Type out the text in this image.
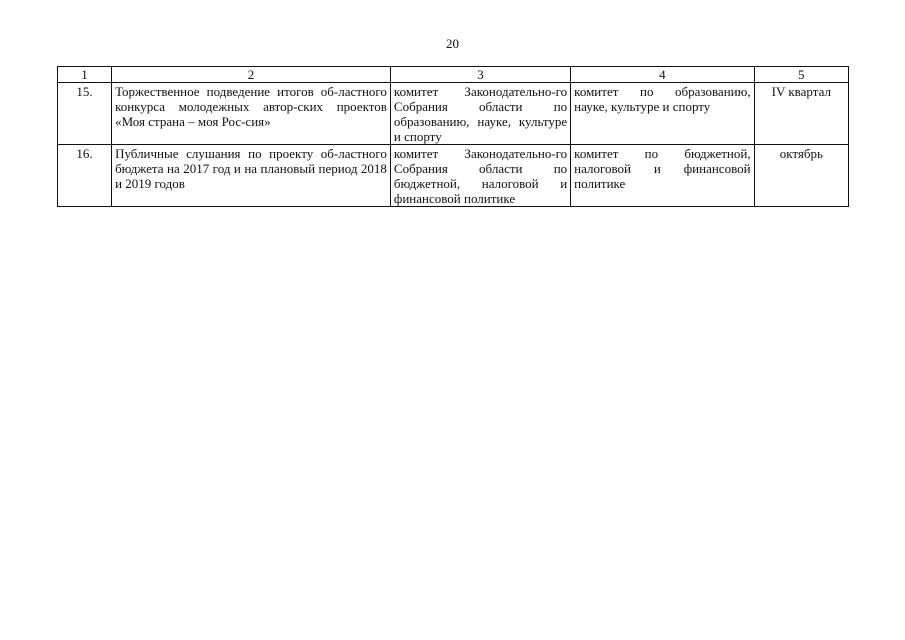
20
1	2	3	4	5
15.	Торжественное подведение итогов об-ластного конкурса молодежных автор-ских проектов «Моя страна – моя Рос-сия»	комитет Законодательно-го Собрания области по образованию, науке, культуре и спорту	комитет по образованию, науке, культуре и спорту	IV квартал
16.	Публичные слушания по проекту об-ластного бюджета на 2017 год и на плановый период 2018 и 2019 годов	комитет Законодательно-го Собрания области по бюджетной, налоговой и финансовой политике	комитет по бюджетной, налоговой и финансовой политике	октябрь
